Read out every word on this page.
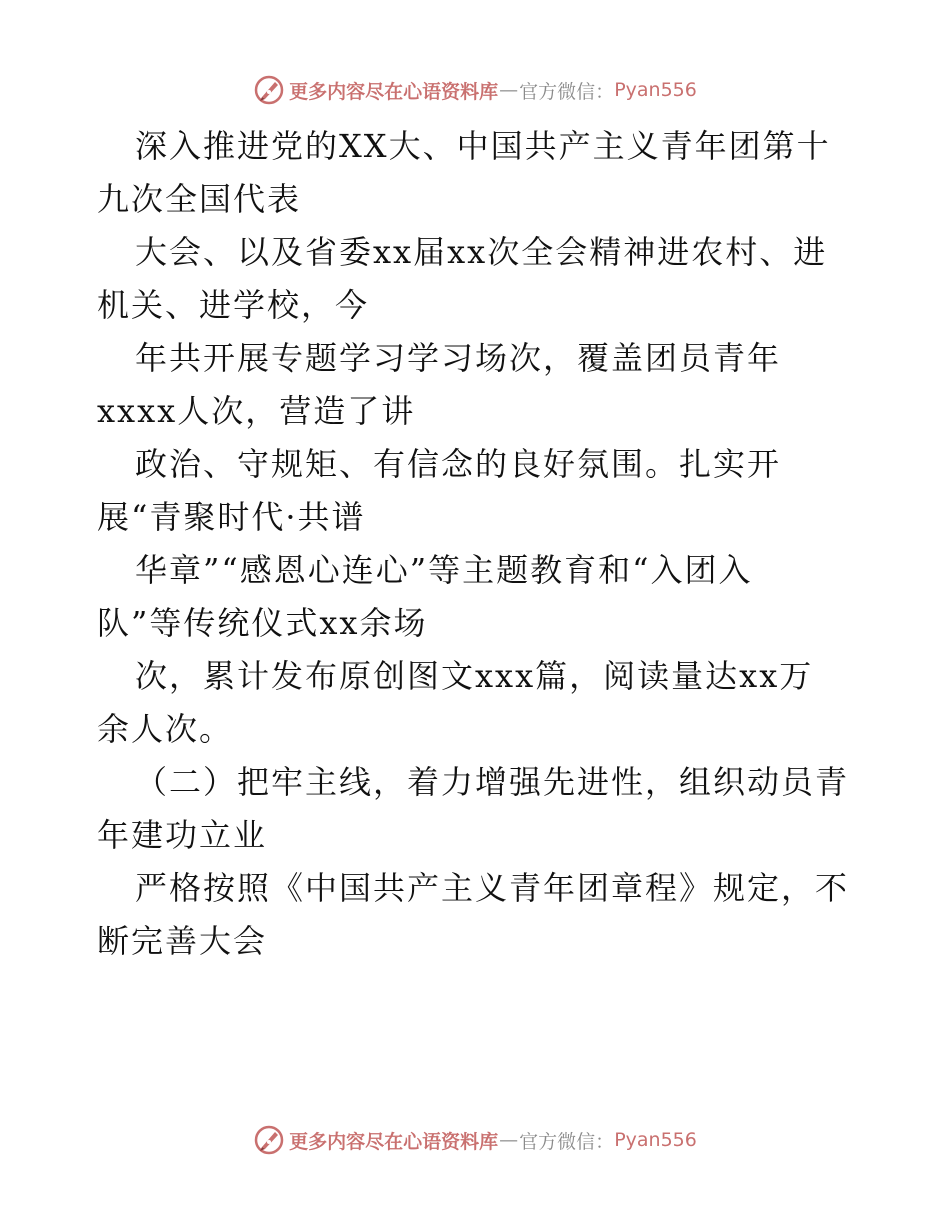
更多内容尽在心语资料库 — 官方微信： Pyan556
深入推进党的XX大、中国共产主义青年团第十
九次全国代表
大会、以及省委xx届xx次全会精神进农村、进
机关、进学校，今
年共开展专题学习学习场次，覆盖团员青年
xxxx人次，营造了讲
政治、守规矩、有信念的良好氛围。扎实开
展“青聚时代·共谱
华章”“感恩心连心”等主题教育和“入团入
队”等传统仪式xx余场
次，累计发布原创图文xxx篇，阅读量达xx万
余人次。
（二）把牢主线，着力增强先进性，组织动员青
年建功立业
严格按照《中国共产主义青年团章程》规定，不
断完善大会
更多内容尽在心语资料库 — 官方微信： Pyan556
